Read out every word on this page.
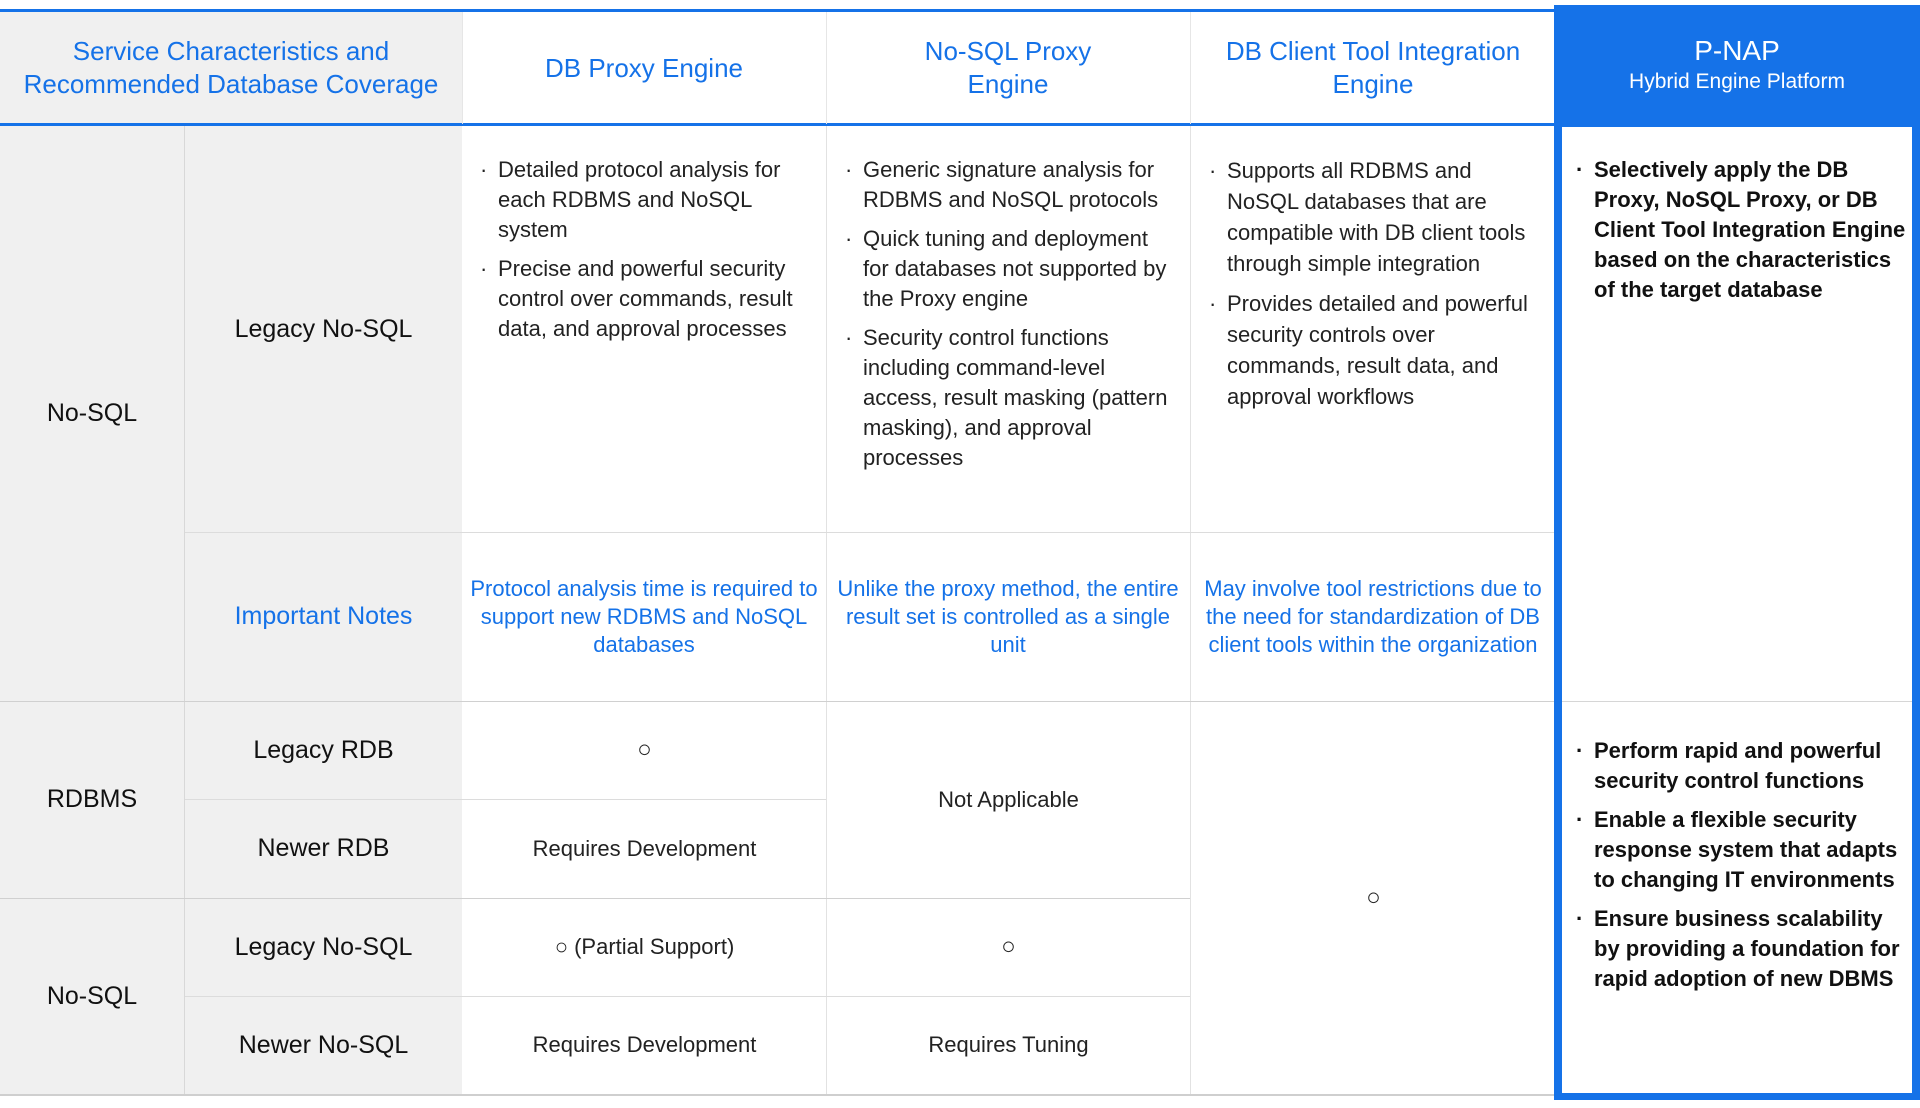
Service Characteristics and Recommended Database Coverage
DB Proxy Engine
No-SQL Proxy Engine
DB Client Tool Integration Engine
No-SQL
RDBMS
No-SQL
Legacy No-SQL
Important Notes
Legacy RDB
Newer RDB
Legacy No-SQL
Newer No-SQL
· Detailed protocol analysis for each RDBMS and NoSQL system
· Precise and powerful security control over commands, result data, and approval processes
· Generic signature analysis for RDBMS and NoSQL protocols
· Quick tuning and deployment for databases not supported by the Proxy engine
· Security control functions including command-level access, result masking (pattern masking), and approval processes
· Supports all RDBMS and NoSQL databases that are compatible with DB client tools through simple integration
· Provides detailed and powerful security controls over commands, result data, and approval workflows
Protocol analysis time is required to support new RDBMS and NoSQL databases
Unlike the proxy method, the entire result set is controlled as a single unit
May involve tool restrictions due to the need for standardization of DB client tools within the organization
○
Requires Development
Not Applicable
○ (Partial Support)
Requires Development
○
Requires Tuning
○
P-NAP
Hybrid Engine Platform
· Selectively apply the DB Proxy, NoSQL Proxy, or DB Client Tool Integration Engine based on the characteristics of the target database
· Perform rapid and powerful security control functions
· Enable a flexible security response system that adapts to changing IT environments
· Ensure business scalability by providing a foundation for rapid adoption of new DBMS
